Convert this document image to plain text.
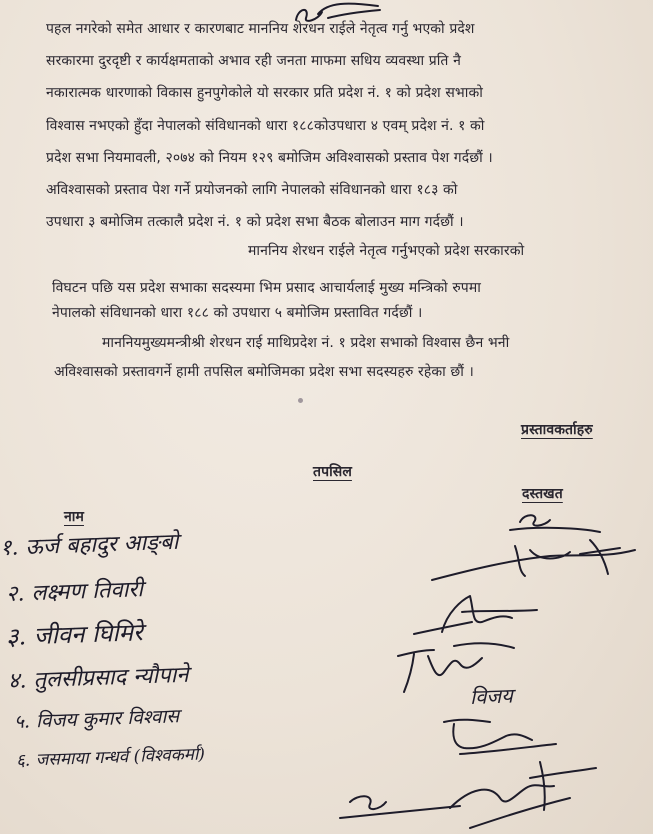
पहल नगरेको समेत आधार र कारणबाट माननिय शेरधन राईले नेतृत्व गर्नु भएको प्रदेश
सरकारमा दुरदृष्टी र कार्यक्षमताको अभाव रही जनता माफमा सधिय व्यवस्था प्रति नै
नकारात्मक धारणाको विकास हुनपुगेकोले यो सरकार प्रति प्रदेश नं. १ को प्रदेश सभाको
विश्वास नभएको हुँदा नेपालको संविधानको धारा १८८कोउपधारा ४ एवम् प्रदेश नं. १ को
प्रदेश सभा नियमावली, २०७४ को नियम १२९ बमोजिम अविश्वासको प्रस्ताव पेश गर्दछौं ।
अविश्वासको प्रस्ताव पेश गर्ने प्रयोजनको लागि नेपालको संविधानको धारा १८३ को
उपधारा ३ बमोजिम तत्कालै प्रदेश नं. १ को प्रदेश सभा बैठक बोलाउन माग गर्दछौं ।
माननिय शेरधन राईले नेतृत्व गर्नुभएको प्रदेश सरकारको
विघटन पछि यस प्रदेश सभाका सदस्यमा भिम प्रसाद आचार्यलाई मुख्य मन्त्रिको रुपमा
नेपालको संविधानको धारा १८८ को उपधारा ५ बमोजिम प्रस्तावित गर्दछौं ।
माननियमुख्यमन्त्रीश्री शेरधन राई माथिप्रदेश नं. १ प्रदेश सभाको विश्वास छैन भनी
अविश्वासको प्रस्तावगर्ने हामी तपसिल बमोजिमका प्रदेश सभा सदस्यहरु रहेका छौं ।
प्रस्तावकर्ताहरु
तपसिल
दस्तखत
नाम
१. ऊर्ज बहादुर आङ्‌बो
२. लक्ष्मण तिवारी
३. जीवन घिमिरे
४. तुलसीप्रसाद न्यौपाने
५. विजय कुमार विश्वास
६. जसमाया गन्धर्व (विश्वकर्मा)
विजय
